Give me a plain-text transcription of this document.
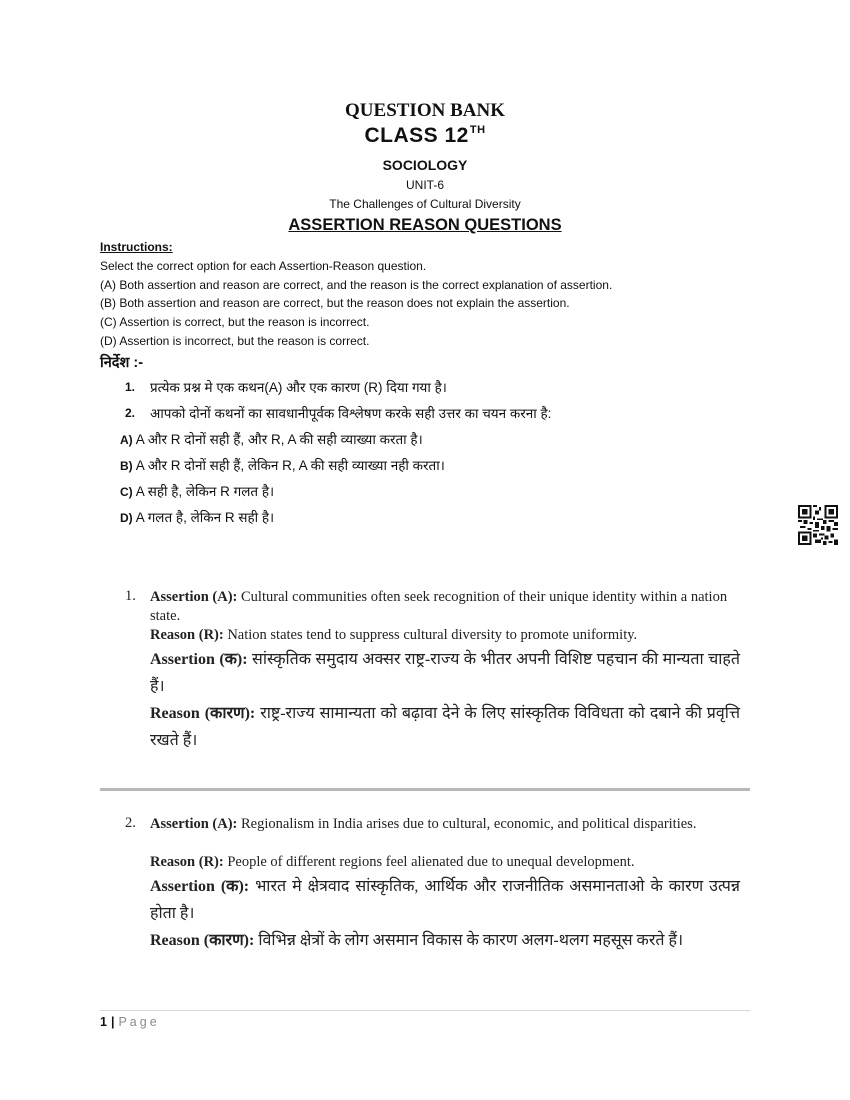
QUESTION BANK
CLASS 12TH
SOCIOLOGY
UNIT-6
The Challenges of Cultural Diversity
ASSERTION REASON QUESTIONS
Instructions:
Select the correct option for each Assertion-Reason question.
(A) Both assertion and reason are correct, and the reason is the correct explanation of assertion.
(B) Both assertion and reason are correct, but the reason does not explain the assertion.
(C) Assertion is correct, but the reason is incorrect.
(D) Assertion is incorrect, but the reason is correct.
निर्देश :-
1. प्रत्येक प्रश्न मे एक कथन(A) और एक कारण (R) दिया गया है।
2. आपको दोनों कथनों का सावधानीपूर्वक विश्लेषण करके सही उत्तर का चयन करना है:
A) A और R दोनों सही हैं, और R, A की सही व्याख्या करता है।
B) A और R दोनों सही हैं, लेकिन R, A की सही व्याख्या नही करता।
C) A सही है, लेकिन R गलत है।
D) A गलत है, लेकिन R सही है।
1. Assertion (A): Cultural communities often seek recognition of their unique identity within a nation state.
Reason (R): Nation states tend to suppress cultural diversity to promote uniformity.
Assertion (क): सांस्कृतिक समुदाय अक्सर राष्ट्र-राज्य के भीतर अपनी विशिष्ट पहचान की मान्यता चाहते हैं।
Reason (कारण): राष्ट्र-राज्य सामान्यता को बढ़ावा देने के लिए सांस्कृतिक विविधता को दबाने की प्रवृत्ति रखते हैं।
2. Assertion (A): Regionalism in India arises due to cultural, economic, and political disparities.
Reason (R): People of different regions feel alienated due to unequal development.
Assertion (क): भारत मे क्षेत्रवाद सांस्कृतिक, आर्थिक और राजनीतिक असमानताओ के कारण उत्पन्न होता है।
Reason (कारण): विभिन्न क्षेत्रों के लोग असमान विकास के कारण अलग-थलग महसूस करते हैं।
1 | Page
